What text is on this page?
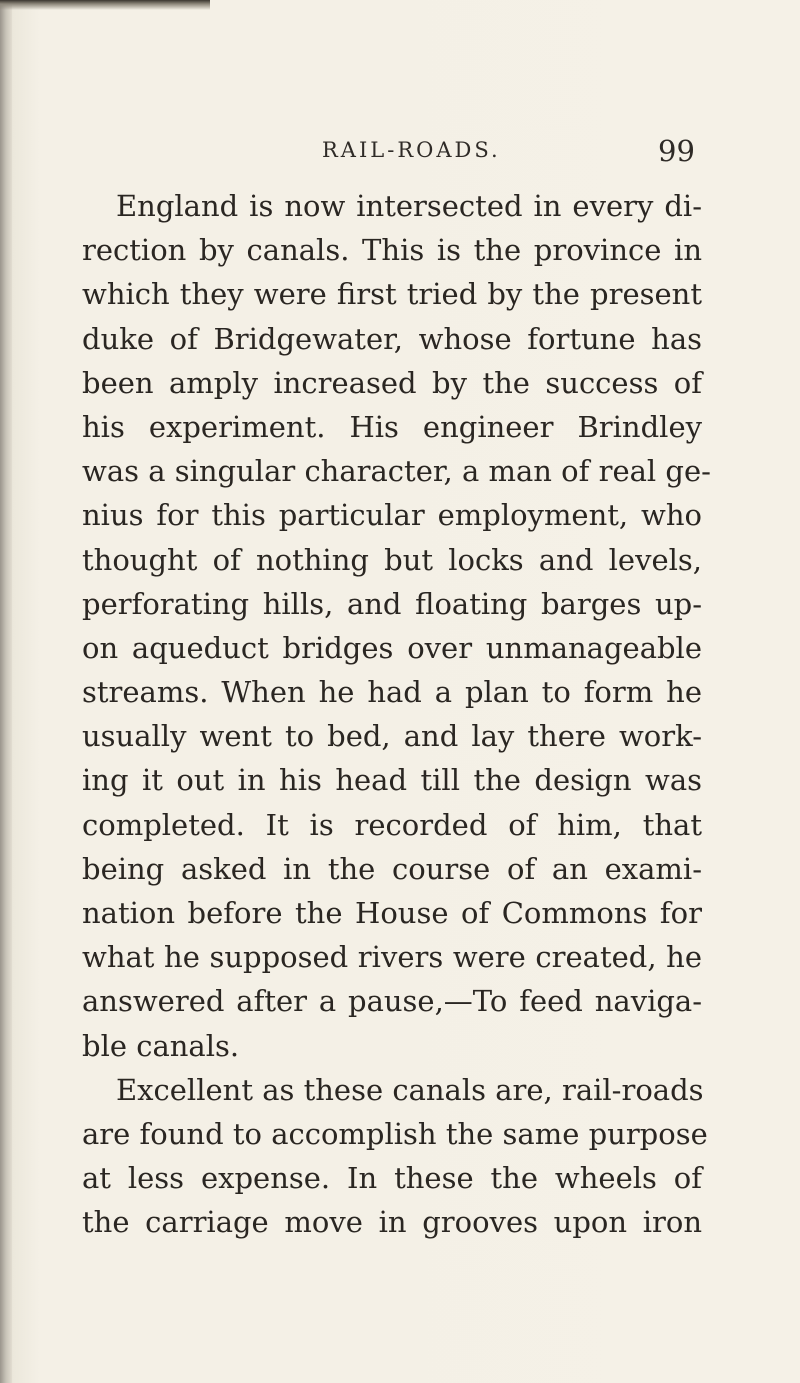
RAIL-ROADS.	99
England is now intersected in every di-
rection by canals. This is the province in
which they were first tried by the present
duke of Bridgewater, whose fortune has
been amply increased by the success of
his experiment. His engineer Brindley
was a singular character, a man of real ge-
nius for this particular employment, who
thought of nothing but locks and levels,
perforating hills, and floating barges up-
on aqueduct bridges over unmanageable
streams. When he had a plan to form he
usually went to bed, and lay there work-
ing it out in his head till the design was
completed. It is recorded of him, that
being asked in the course of an exami-
nation before the House of Commons for
what he supposed rivers were created, he
answered after a pause,—To feed naviga-
ble canals.
Excellent as these canals are, rail-roads
are found to accomplish the same purpose
at less expense. In these the wheels of
the carriage move in grooves upon iron
